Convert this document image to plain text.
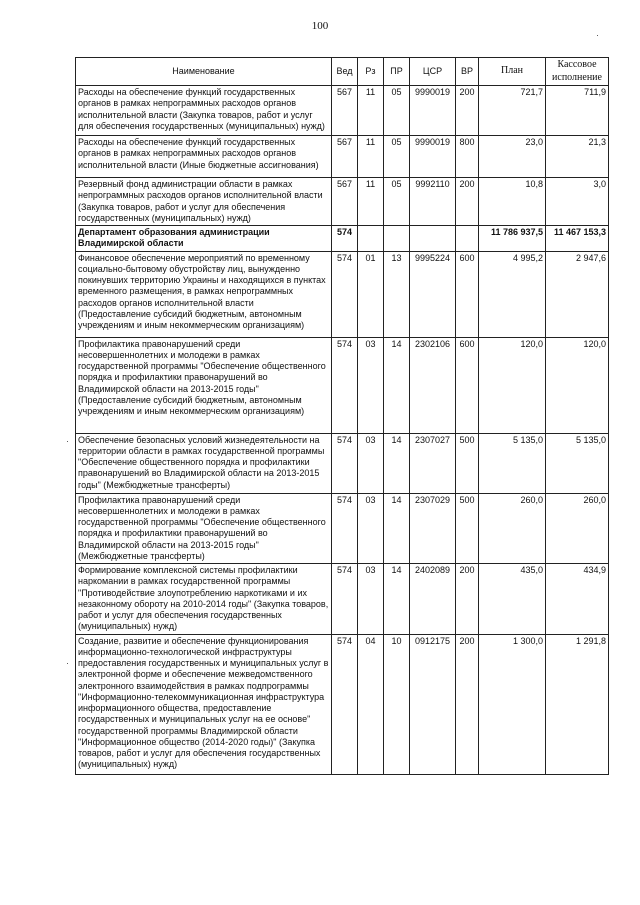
100
·
·
·
Наименование	Вед	Рз	ПР	ЦСР	ВР	План	Кассовое исполнение
Расходы на обеспечение функций государственных органов в рамках непрограммных расходов органов исполнительной власти (Закупка товаров, работ и услуг для обеспечения государственных (муниципальных) нужд)	567	11	05	9990019	200	721,7	711,9
Расходы на обеспечение функций государственных органов в рамках непрограммных расходов органов исполнительной власти (Иные бюджетные ассигнования)	567	11	05	9990019	800	23,0	21,3
Резервный фонд администрации области в рамках непрограммных расходов органов исполнительной власти (Закупка товаров, работ и услуг для обеспечения государственных (муниципальных) нужд)	567	11	05	9992110	200	10,8	3,0
Департамент образования администрации Владимирской области	574					11 786 937,5	11 467 153,3
Финансовое обеспечение мероприятий по временному социально-бытовому обустройству лиц, вынужденно покинувших территорию Украины и находящихся в пунктах временного размещения, в рамках непрограммных расходов органов исполнительной власти (Предоставление субсидий бюджетным, автономным учреждениям и иным некоммерческим организациям)	574	01	13	9995224	600	4 995,2	2 947,6
Профилактика правонарушений среди несовершеннолетних и молодежи в рамках государственной программы "Обеспечение общественного порядка и профилактики правонарушений во Владимирской области на 2013-2015 годы" (Предоставление субсидий бюджетным, автономным учреждениям и иным некоммерческим организациям)	574	03	14	2302106	600	120,0	120,0
Обеспечение безопасных условий жизнедеятельности на территории области в рамках государственной программы "Обеспечение общественного порядка и профилактики правонарушений во Владимирской области на 2013-2015 годы" (Межбюджетные трансферты)	574	03	14	2307027	500	5 135,0	5 135,0
Профилактика правонарушений среди несовершеннолетних и молодежи в рамках государственной программы "Обеспечение общественного порядка и профилактики правонарушений во Владимирской области на 2013-2015 годы" (Межбюджетные трансферты)	574	03	14	2307029	500	260,0	260,0
Формирование комплексной системы профилактики наркомании в рамках государственной программы "Противодействие злоупотреблению наркотиками и их незаконному обороту на 2010-2014 годы" (Закупка товаров, работ и услуг для обеспечения государственных (муниципальных) нужд)	574	03	14	2402089	200	435,0	434,9
Создание, развитие и обеспечение функционирования информационно-технологической инфраструктуры предоставления государственных и муниципальных услуг в электронной форме и обеспечение межведомственного электронного взаимодействия в рамках подпрограммы "Информационно-телекоммуникационная инфраструктура информационного общества, предоставление государственных и муниципальных услуг на ее основе" государственной программы Владимирской области "Информационное общество (2014-2020 годы)" (Закупка товаров, работ и услуг для обеспечения государственных (муниципальных) нужд)	574	04	10	0912175	200	1 300,0	1 291,8
